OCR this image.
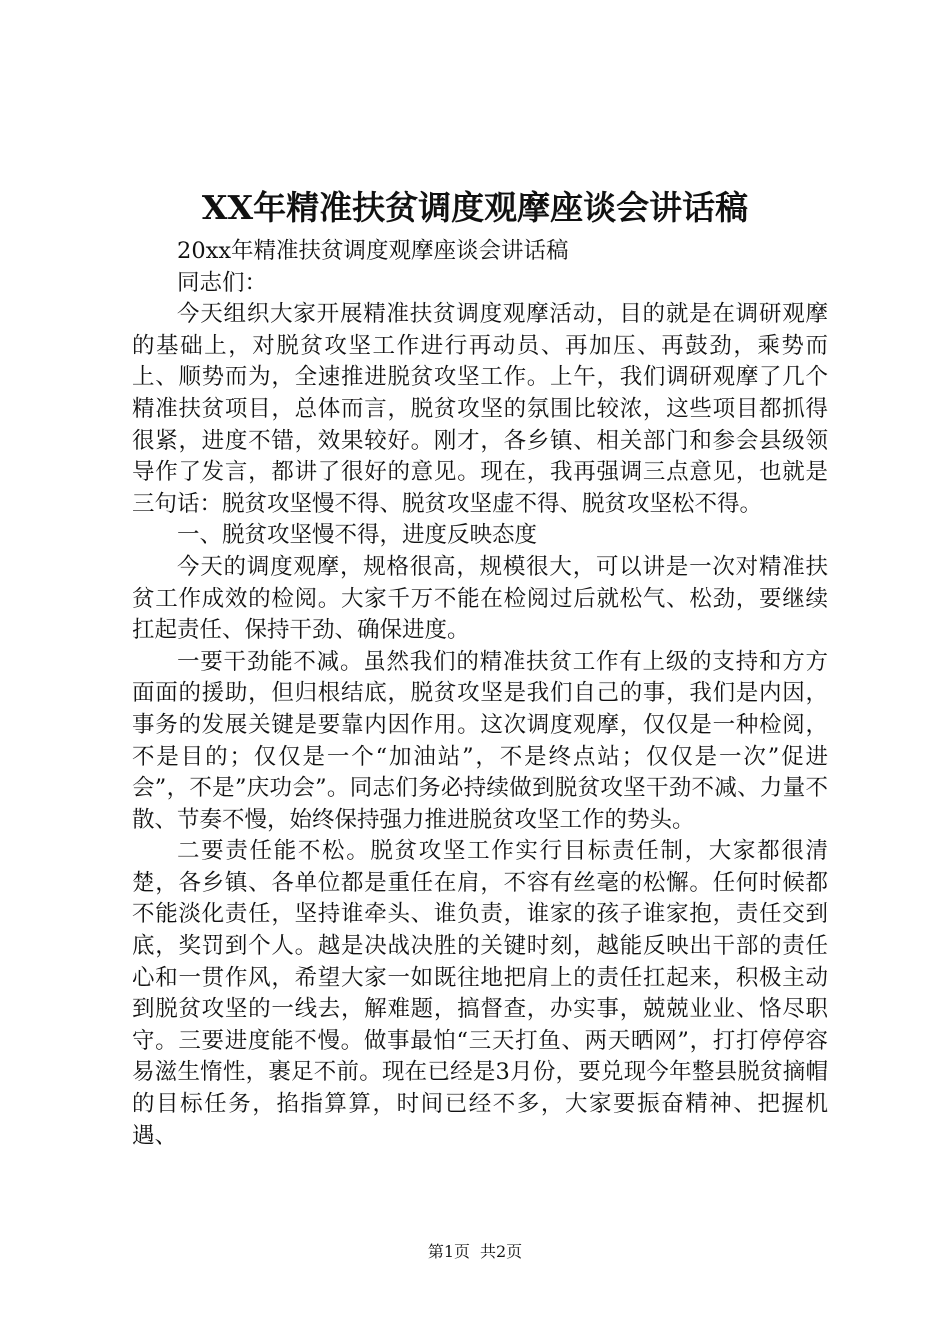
XX年精准扶贫调度观摩座谈会讲话稿

20xx年精准扶贫调度观摩座谈会讲话稿

同志们：

今天组织大家开展精准扶贫调度观摩活动，目的就是在调研观摩的基础上，对脱贫攻坚工作进行再动员、再加压、再鼓劲，乘势而上、顺势而为，全速推进脱贫攻坚工作。上午，我们调研观摩了几个精准扶贫项目，总体而言，脱贫攻坚的氛围比较浓，这些项目都抓得很紧，进度不错，效果较好。刚才，各乡镇、相关部门和参会县级领导作了发言，都讲了很好的意见。现在，我再强调三点意见，也就是三句话：脱贫攻坚慢不得、脱贫攻坚虚不得、脱贫攻坚松不得。

一、脱贫攻坚慢不得，进度反映态度

今天的调度观摩，规格很高，规模很大，可以讲是一次对精准扶贫工作成效的检阅。大家千万不能在检阅过后就松气、松劲，要继续扛起责任、保持干劲、确保进度。

一要干劲能不减。虽然我们的精准扶贫工作有上级的支持和方方面面的援助，但归根结底，脱贫攻坚是我们自己的事，我们是内因，事务的发展关键是要靠内因作用。这次调度观摩，仅仅是一种检阅，不是目的；仅仅是一个“加油站”，不是终点站；仅仅是一次”促进会”，不是”庆功会”。同志们务必持续做到脱贫攻坚干劲不减、力量不散、节奏不慢，始终保持强力推进脱贫攻坚工作的势头。

二要责任能不松。脱贫攻坚工作实行目标责任制，大家都很清楚，各乡镇、各单位都是重任在肩，不容有丝毫的松懈。任何时候都不能淡化责任，坚持谁牵头、谁负责，谁家的孩子谁家抱，责任交到底，奖罚到个人。越是决战决胜的关键时刻，越能反映出干部的责任心和一贯作风，希望大家一如既往地把肩上的责任扛起来，积极主动到脱贫攻坚的一线去，解难题，搞督查，办实事，兢兢业业、恪尽职守。三要进度能不慢。做事最怕“三天打鱼、两天晒网”，打打停停容易滋生惰性，裹足不前。现在已经是3月份，要兑现今年整县脱贫摘帽的目标任务，掐指算算，时间已经不多，大家要振奋精神、把握机遇、

第1页 共2页
